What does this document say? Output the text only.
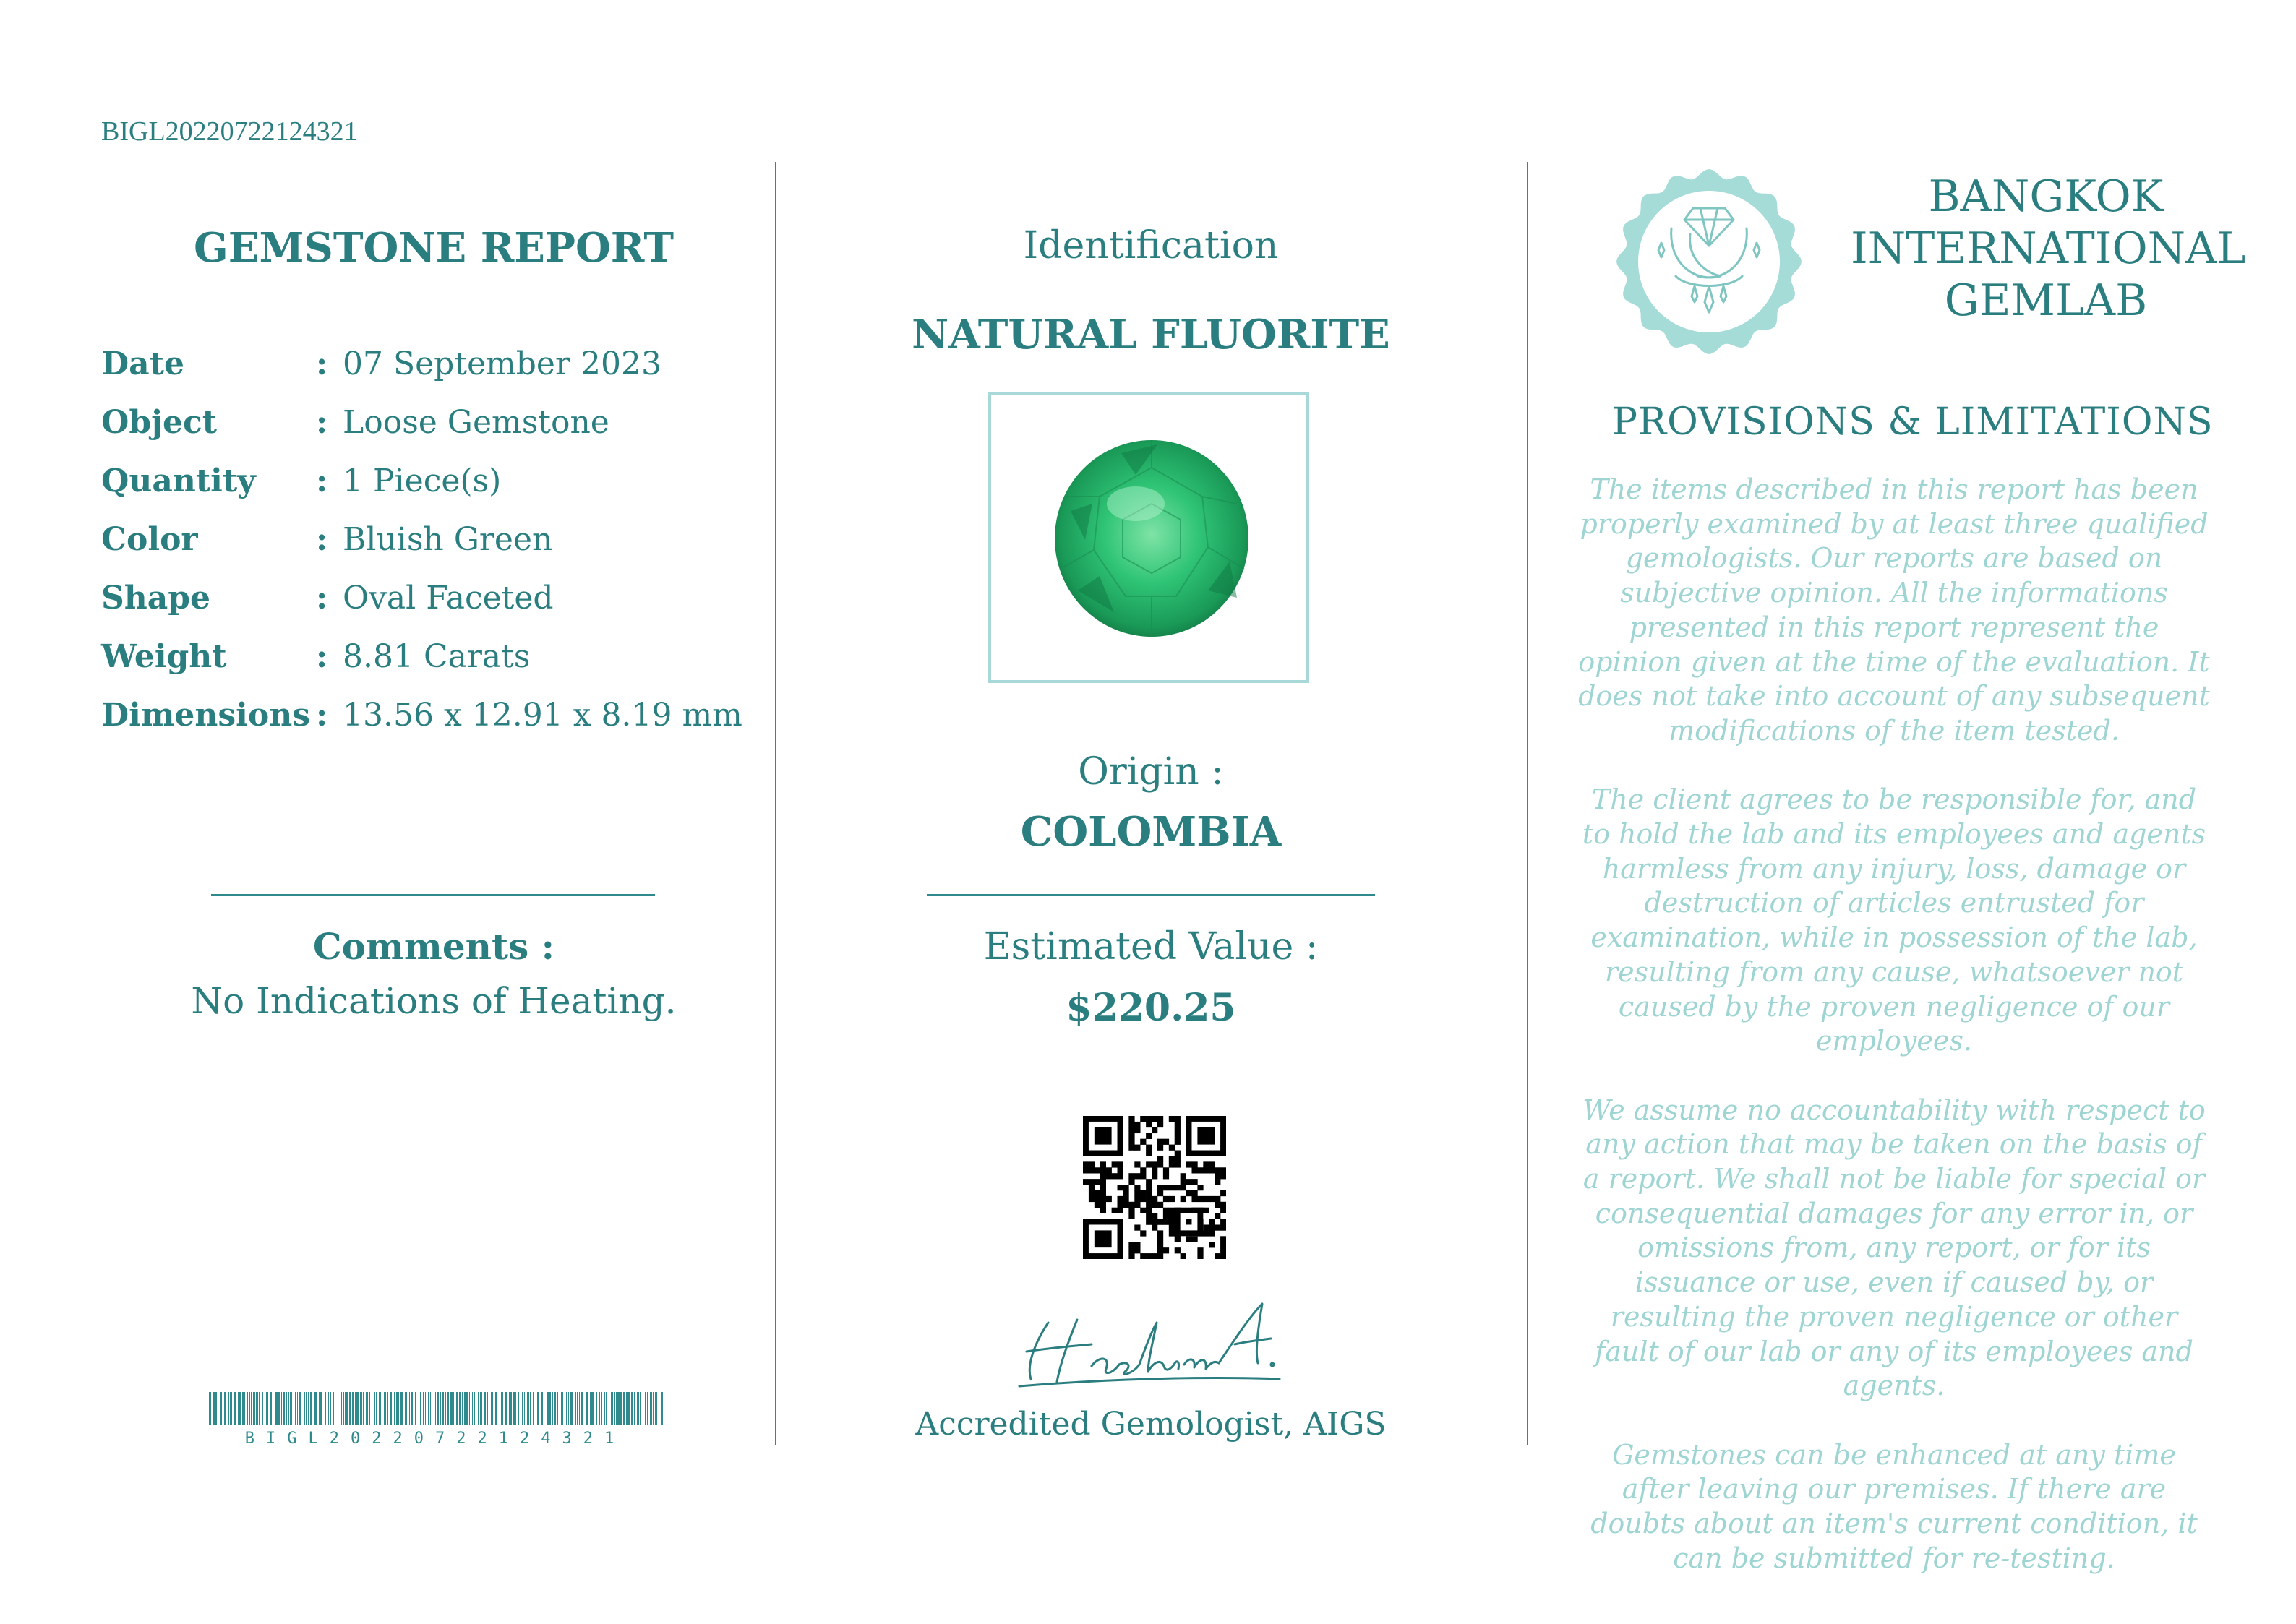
BIGL20220722124321
GEMSTONE REPORT
Date	: 07 September 2023
Object	: Loose Gemstone
Quantity : 1 Piece(s)
Color	: Bluish Green
Shape	: Oval Faceted
Weight	: 8.81 Carats
Dimensions : 13.56 x 12.91 x 8.19 mm
Comments :
No Indications of Heating.
BIGL20220722124321
Identification
NATURAL FLUORITE
Origin :
COLOMBIA
Estimated Value :
$220.25
Accredited Gemologist, AIGS
BANGKOK
INTERNATIONAL
GEMLAB
PROVISIONS & LIMITATIONS

The items described in this report has been properly examined by at least three qualified gemologists. Our reports are based on subjective opinion. All the informations presented in this report represent the opinion given at the time of the evaluation. It does not take into account of any subsequent modifications of the item tested.

The client agrees to be responsible for, and to hold the lab and its employees and agents harmless from any injury, loss, damage or destruction of articles entrusted for examination, while in possession of the lab, resulting from any cause, whatsoever not caused by the proven negligence of our employees.

We assume no accountability with respect to any action that may be taken on the basis of a report. We shall not be liable for special or consequential damages for any error in, or omissions from, any report, or for its issuance or use, even if caused by, or resulting the proven negligence or other fault of our lab or any of its employees and agents.

Gemstones can be enhanced at any time after leaving our premises. If there are doubts about an item's current condition, it can be submitted for re-testing.
